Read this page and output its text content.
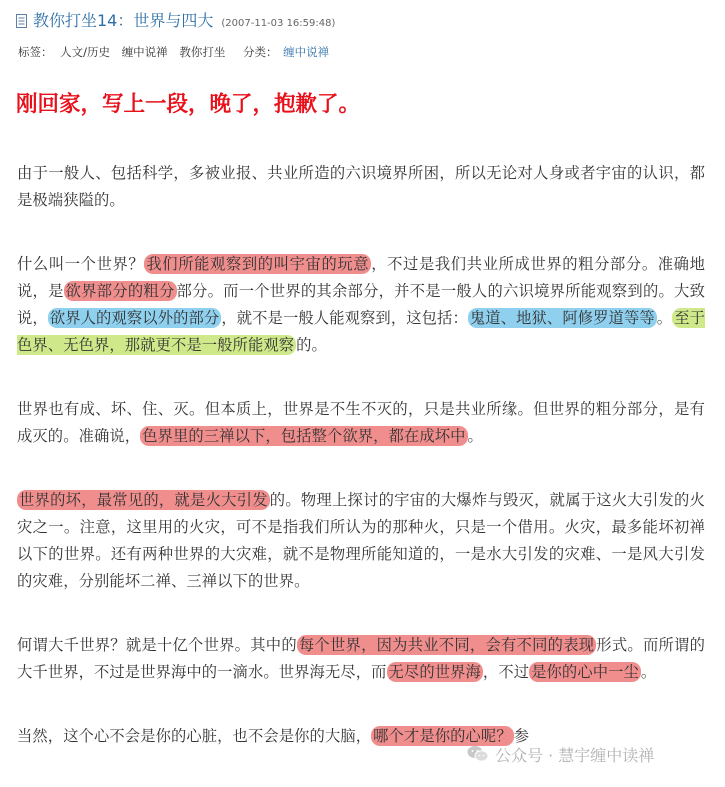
教你打坐14：世界与四大 (2007-11-03 16:59:48)
标签： 人文/历史 缠中说禅 教你打坐 分类： 缠中说禅
刚回家，写上一段，晚了，抱歉了。

由于一般人、包括科学，多被业报、共业所造的六识境界所困，所以无论对人身或者宇宙的认识，都是极端狭隘的。

什么叫一个世界？ 我们所能观察到的叫宇宙的玩意 ，不过是我们共业所成世界的粗分部分。准确地说，是 欲界部分的粗分 部分。而一个世界的其余部分，并不是一般人的六识境界所能观察到的。大致说， 欲界人的观察以外的部分 ，就不是一般人能观察到，这包括： 鬼道、地狱、阿修罗道等等 。 至于色界、无色界，那就更不是一般所能观察 的。

世界也有成、坏、住、灭。但本质上，世界是不生不灭的，只是共业所缘。但世界的粗分部分，是有成灭的。准确说， 色界里的三禅以下，包括整个欲界，都在成坏中 。

世界的坏，最常见的，就是火大引发 的。物理上探讨的宇宙的大爆炸与毁灭，就属于这火大引发的火灾之一。注意，这里用的火灾，可不是指我们所认为的那种火，只是一个借用。火灾，最多能坏初禅以下的世界。还有两种世界的大灾难，就不是物理所能知道的，一是水大引发的灾难、一是风大引发的灾难，分别能坏二禅、三禅以下的世界。

何谓大千世界？就是十亿个世界。其中的 每个世界，因为共业不同，会有不同的表现 形式。而所谓的大千世界，不过是世界海中的一滴水。世界海无尽，而 无尽的世界海 ，不过 是你的心中一尘 。

当然，这个心不会是你的心脏，也不会是你的大脑， 哪个才是你的心呢？ 参

公众号 · 慧宇缠中读禅
